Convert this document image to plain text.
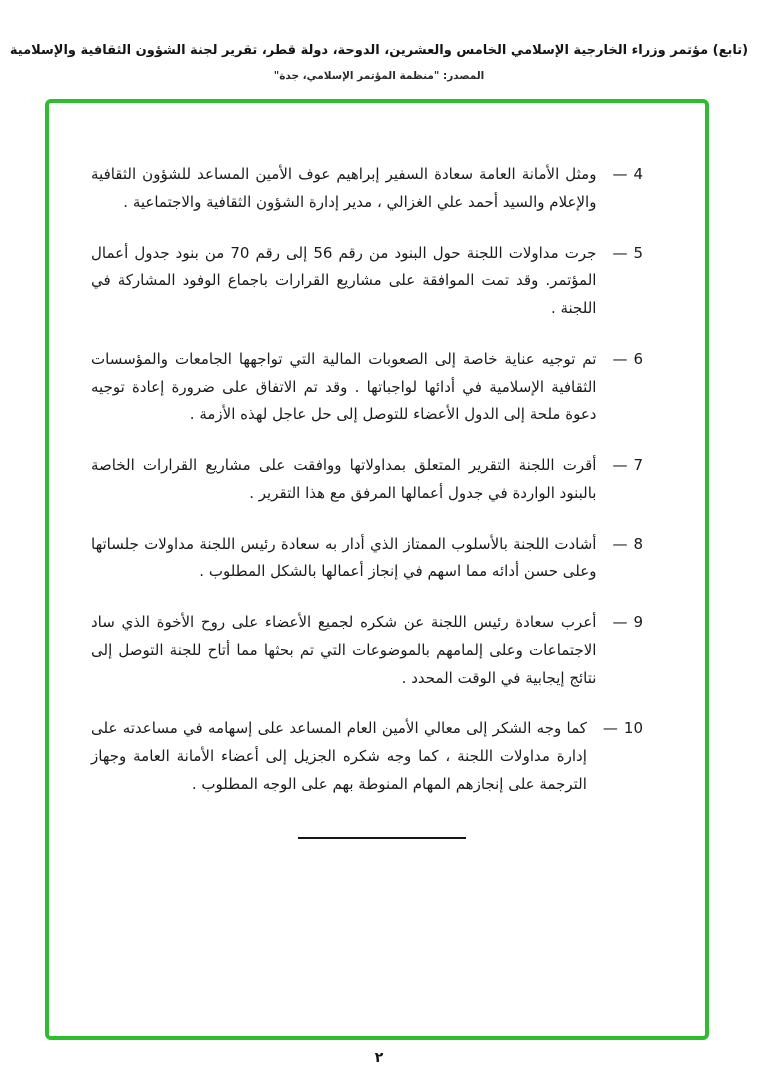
(تابع) مؤتمر وزراء الخارجية الإسلامي الخامس والعشرين، الدوحة، دولة قطر، تقرير لجنة الشؤون الثقافية والإسلامية
المصدر: "منظمة المؤتمر الإسلامي، جدة"
4—
ومثل الأمانة العامة سعادة السفير إبراهيم عوف الأمين المساعد للشؤون الثقافية والإعلام والسيد أحمد علي الغزالي ، مدير إدارة الشؤون الثقافية والاجتماعية .
5—
جرت مداولات اللجنة حول البنود من رقم 56 إلى رقم 70 من بنود جدول أعمال المؤتمر. وقد تمت الموافقة على مشاريع القرارات باجماع الوفود المشاركة في اللجنة .
6—
تم توجيه عناية خاصة إلى الصعوبات المالية التي تواجهها الجامعات والمؤسسات الثقافية الإسلامية في أدائها لواجباتها . وقد تم الاتفاق على ضرورة إعادة توجيه دعوة ملحة إلى الدول الأعضاء للتوصل إلى حل عاجل لهذه الأزمة .
7—
أقرت اللجنة التقرير المتعلق بمداولاتها ووافقت على مشاريع القرارات الخاصة بالبنود الواردة في جدول أعمالها المرفق مع هذا التقرير .
8—
أشادت اللجنة بالأسلوب الممتاز الذي أدار به سعادة رئيس اللجنة مداولات جلساتها وعلى حسن أدائه مما اسهم في إنجاز أعمالها بالشكل المطلوب .
9—
أعرب سعادة رئيس اللجنة عن شكره لجميع الأعضاء على روح الأخوة الذي ساد الاجتماعات وعلى إلمامهم بالموضوعات التي تم بحثها مما أتاح للجنة التوصل إلى نتائج إيجابية في الوقت المحدد .
10—
كما وجه الشكر إلى معالي الأمين العام المساعد على إسهامه في مساعدته على إدارة مداولات اللجنة ، كما وجه شكره الجزيل إلى أعضاء الأمانة العامة وجهاز الترجمة على إنجازهم المهام المنوطة بهم على الوجه المطلوب .
٢
